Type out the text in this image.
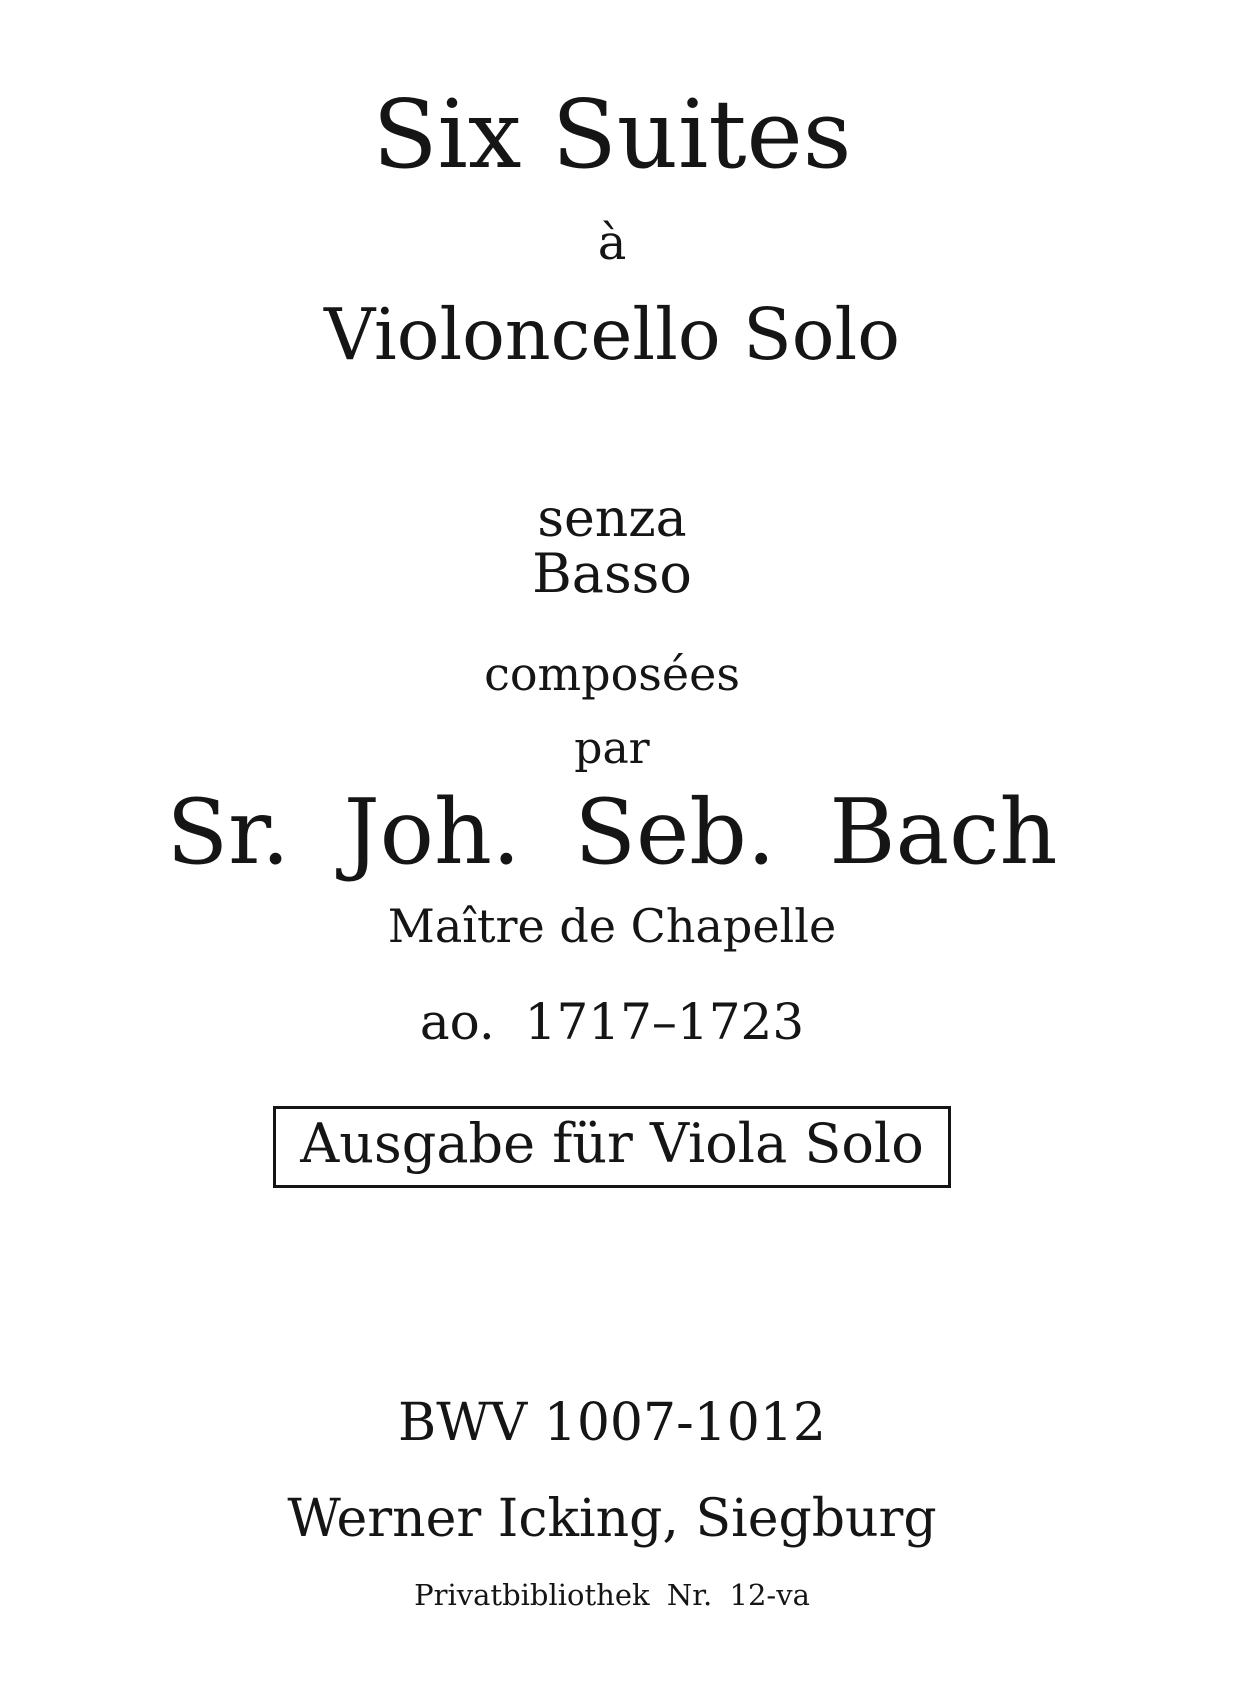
Six Suites
à
Violoncello Solo
senza
Basso
composées
par
Sr. Joh. Seb. Bach
Maître de Chapelle
ao. 1717–1723
Ausgabe für Viola Solo
BWV 1007-1012
Werner Icking, Siegburg
Privatbibliothek Nr. 12-va
